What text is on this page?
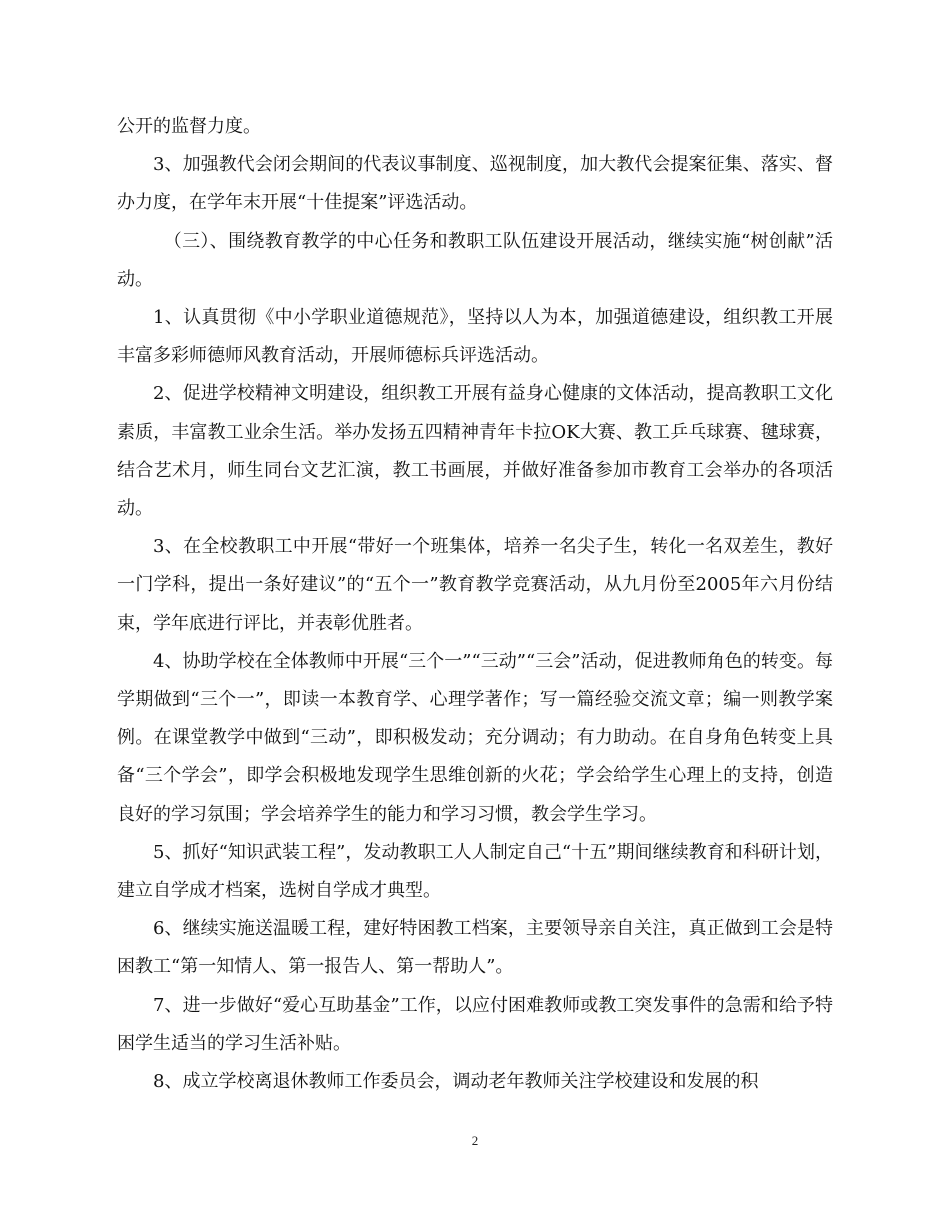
公开的监督力度。

3、加强教代会闭会期间的代表议事制度、巡视制度，加大教代会提案征集、落实、督办力度，在学年末开展“十佳提案”评选活动。

（三）、围绕教育教学的中心任务和教职工队伍建设开展活动，继续实施“树创献”活动。

1、认真贯彻《中小学职业道德规范》，坚持以人为本，加强道德建设，组织教工开展丰富多彩师德师风教育活动，开展师德标兵评选活动。

2、促进学校精神文明建设，组织教工开展有益身心健康的文体活动，提高教职工文化素质，丰富教工业余生活。举办发扬五四精神青年卡拉OK大赛、教工乒乓球赛、毽球赛，结合艺术月，师生同台文艺汇演，教工书画展，并做好准备参加市教育工会举办的各项活动。

3、在全校教职工中开展“带好一个班集体，培养一名尖子生，转化一名双差生，教好一门学科，提出一条好建议”的“五个一”教育教学竞赛活动，从九月份至2005年六月份结束，学年底进行评比，并表彰优胜者。

4、协助学校在全体教师中开展“三个一”“三动”“三会”活动，促进教师角色的转变。每学期做到“三个一”，即读一本教育学、心理学著作；写一篇经验交流文章；编一则教学案例。在课堂教学中做到“三动”，即积极发动；充分调动；有力助动。在自身角色转变上具备“三个学会”，即学会积极地发现学生思维创新的火花；学会给学生心理上的支持，创造良好的学习氛围；学会培养学生的能力和学习习惯，教会学生学习。

5、抓好“知识武装工程”，发动教职工人人制定自己“十五”期间继续教育和科研计划，建立自学成才档案，选树自学成才典型。

6、继续实施送温暖工程，建好特困教工档案，主要领导亲自关注，真正做到工会是特困教工“第一知情人、第一报告人、第一帮助人”。

7、进一步做好“爱心互助基金”工作，以应付困难教师或教工突发事件的急需和给予特困学生适当的学习生活补贴。

8、成立学校离退休教师工作委员会，调动老年教师关注学校建设和发展的积

2
